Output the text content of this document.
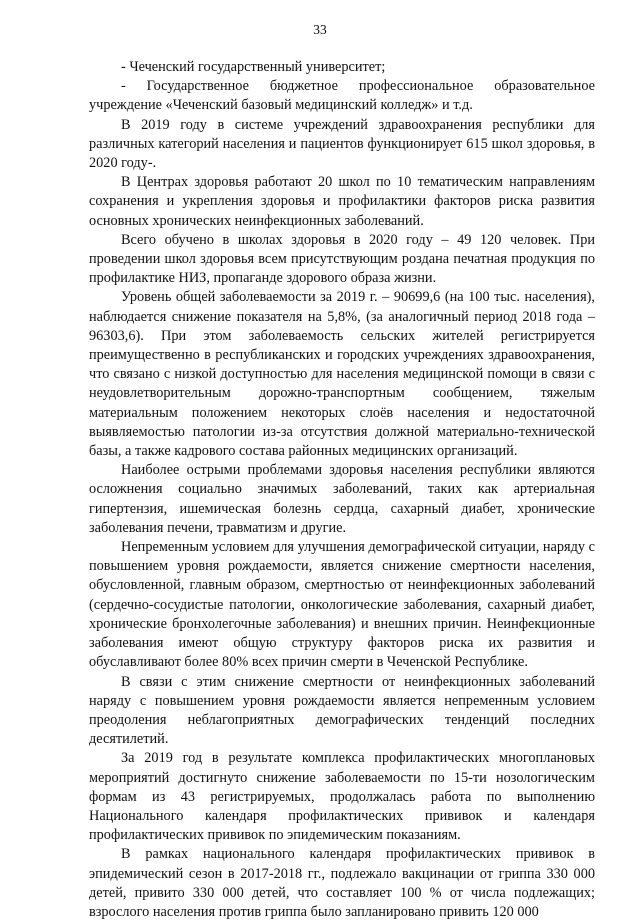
33

- Чеченский государственный университет;

- Государственное бюджетное профессиональное образовательное учреждение «Чеченский базовый медицинский колледж» и т.д.

В 2019 году в системе учреждений здравоохранения республики для различных категорий населения и пациентов функционирует 615 школ здоровья, в 2020 году-.

В Центрах здоровья работают 20 школ по 10 тематическим направлениям сохранения и укрепления здоровья и профилактики факторов риска развития основных хронических неинфекционных заболеваний.

Всего обучено в школах здоровья в 2020 году – 49 120 человек. При проведении школ здоровья всем присутствующим роздана печатная продукция по профилактике НИЗ, пропаганде здорового образа жизни.

Уровень общей заболеваемости за 2019 г. – 90699,6 (на 100 тыс. населения), наблюдается снижение показателя на 5,8%, (за аналогичный период 2018 года – 96303,6). При этом заболеваемость сельских жителей регистрируется преимущественно в республиканских и городских учреждениях здравоохранения, что связано с низкой доступностью для населения медицинской помощи в связи с неудовлетворительным дорожно-транспортным сообщением, тяжелым материальным положением некоторых слоёв населения и недостаточной выявляемостью патологии из-за отсутствия должной материально-технической базы, а также кадрового состава районных медицинских организаций.

Наиболее острыми проблемами здоровья населения республики являются осложнения социально значимых заболеваний, таких как артериальная гипертензия, ишемическая болезнь сердца, сахарный диабет, хронические заболевания печени, травматизм и другие.

Непременным условием для улучшения демографической ситуации, наряду с повышением уровня рождаемости, является снижение смертности населения, обусловленной, главным образом, смертностью от неинфекционных заболеваний (сердечно-сосудистые патологии, онкологические заболевания, сахарный диабет, хронические бронхолегочные заболевания) и внешних причин. Неинфекционные заболевания имеют общую структуру факторов риска их развития и обуславливают более 80% всех причин смерти в Чеченской Республике.

В связи с этим снижение смертности от неинфекционных заболеваний наряду с повышением уровня рождаемости является непременным условием преодоления неблагоприятных демографических тенденций последних десятилетий.

За 2019 год в результате комплекса профилактических многоплановых мероприятий достигнуто снижение заболеваемости по 15-ти нозологическим формам из 43 регистрируемых, продолжалась работа по выполнению Национального календаря профилактических прививок и календаря профилактических прививок по эпидемическим показаниям.

В рамках национального календаря профилактических прививок в эпидемический сезон в 2017-2018 гг., подлежало вакцинации от гриппа 330 000 детей, привито 330 000 детей, что составляет 100 % от числа подлежащих; взрослого населения против гриппа было запланировано привить 120 000
